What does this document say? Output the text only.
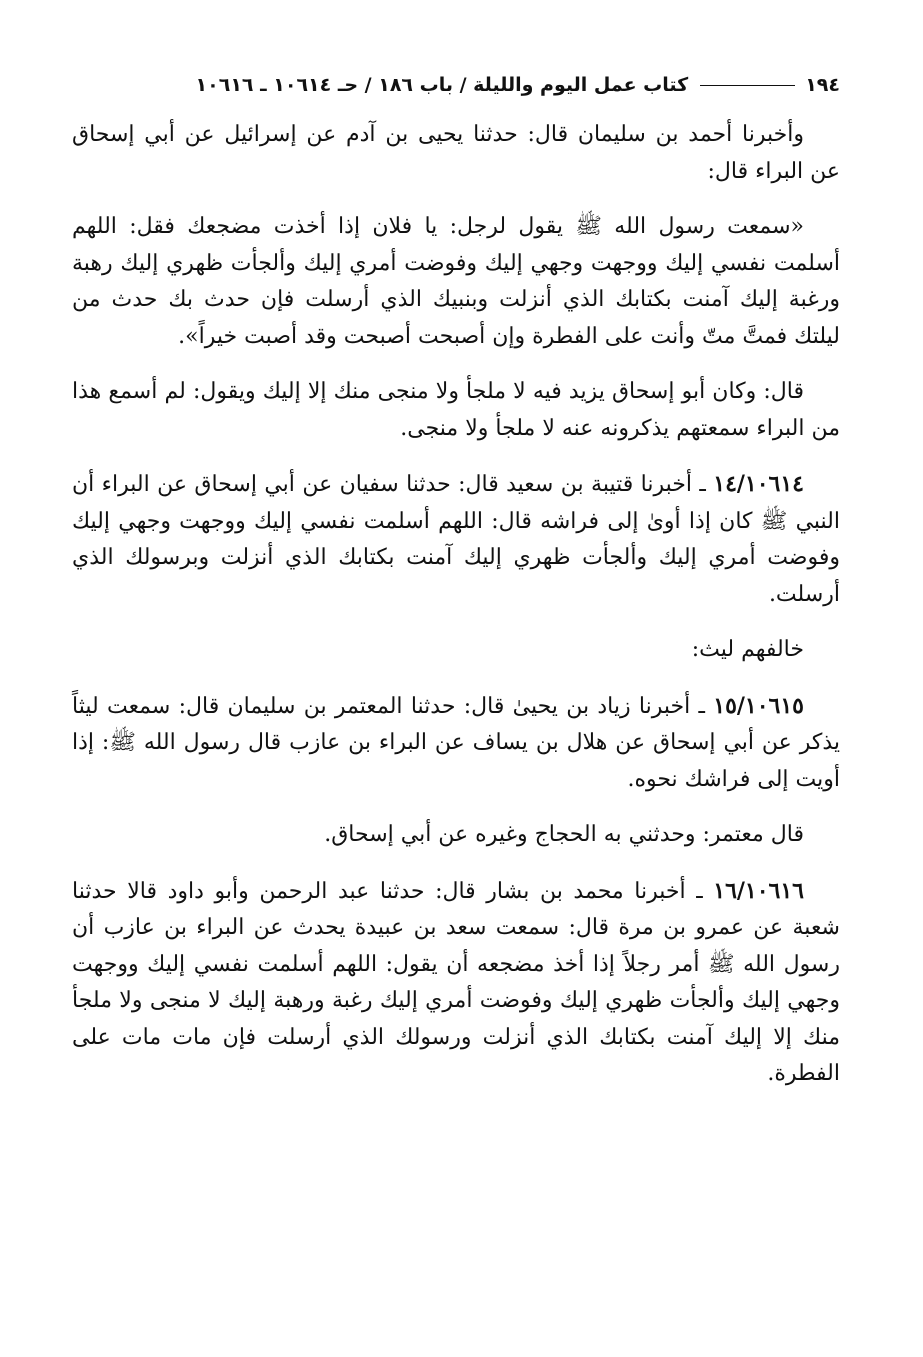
١٩٤
كتاب عمل اليوم والليلة / باب ١٨٦ / حـ ١٠٦١٤ ـ ١٠٦١٦

وأخبرنا أحمد بن سليمان قال: حدثنا يحيى بن آدم عن إسرائيل عن أبي إسحاق عن البراء قال:

«سمعت رسول الله ﷺ يقول لرجل: يا فلان إذا أخذت مضجعك فقل: اللهم أسلمت نفسي إليك ووجهت وجهي إليك وفوضت أمري إليك وألجأت ظهري إليك رهبة ورغبة إليك آمنت بكتابك الذي أنزلت وبنبيك الذي أرسلت فإن حدث بك حدث من ليلتك فمتَّ متّ وأنت على الفطرة وإن أصبحت أصبحت وقد أصبت خيراً».

قال: وكان أبو إسحاق يزيد فيه لا ملجأ ولا منجى منك إلا إليك ويقول: لم أسمع هذا من البراء سمعتهم يذكرونه عنه لا ملجأ ولا منجى.

١٤/١٠٦١٤ ـ أخبرنا قتيبة بن سعيد قال: حدثنا سفيان عن أبي إسحاق عن البراء أن النبي ﷺ كان إذا أوىٰ إلى فراشه قال: اللهم أسلمت نفسي إليك ووجهت وجهي إليك وفوضت أمري إليك وألجأت ظهري إليك آمنت بكتابك الذي أنزلت وبرسولك الذي أرسلت.

خالفهم ليث:

١٥/١٠٦١٥ ـ أخبرنا زياد بن يحيىٰ قال: حدثنا المعتمر بن سليمان قال: سمعت ليثاً يذكر عن أبي إسحاق عن هلال بن يساف عن البراء بن عازب قال رسول الله ﷺ: إذا أويت إلى فراشك نحوه.

قال معتمر: وحدثني به الحجاج وغيره عن أبي إسحاق.

١٦/١٠٦١٦ ـ أخبرنا محمد بن بشار قال: حدثنا عبد الرحمن وأبو داود قالا حدثنا شعبة عن عمرو بن مرة قال: سمعت سعد بن عبيدة يحدث عن البراء بن عازب أن رسول الله ﷺ أمر رجلاً إذا أخذ مضجعه أن يقول: اللهم أسلمت نفسي إليك ووجهت وجهي إليك وألجأت ظهري إليك وفوضت أمري إليك رغبة ورهبة إليك لا منجى ولا ملجأ منك إلا إليك آمنت بكتابك الذي أنزلت ورسولك الذي أرسلت فإن مات مات على الفطرة.
